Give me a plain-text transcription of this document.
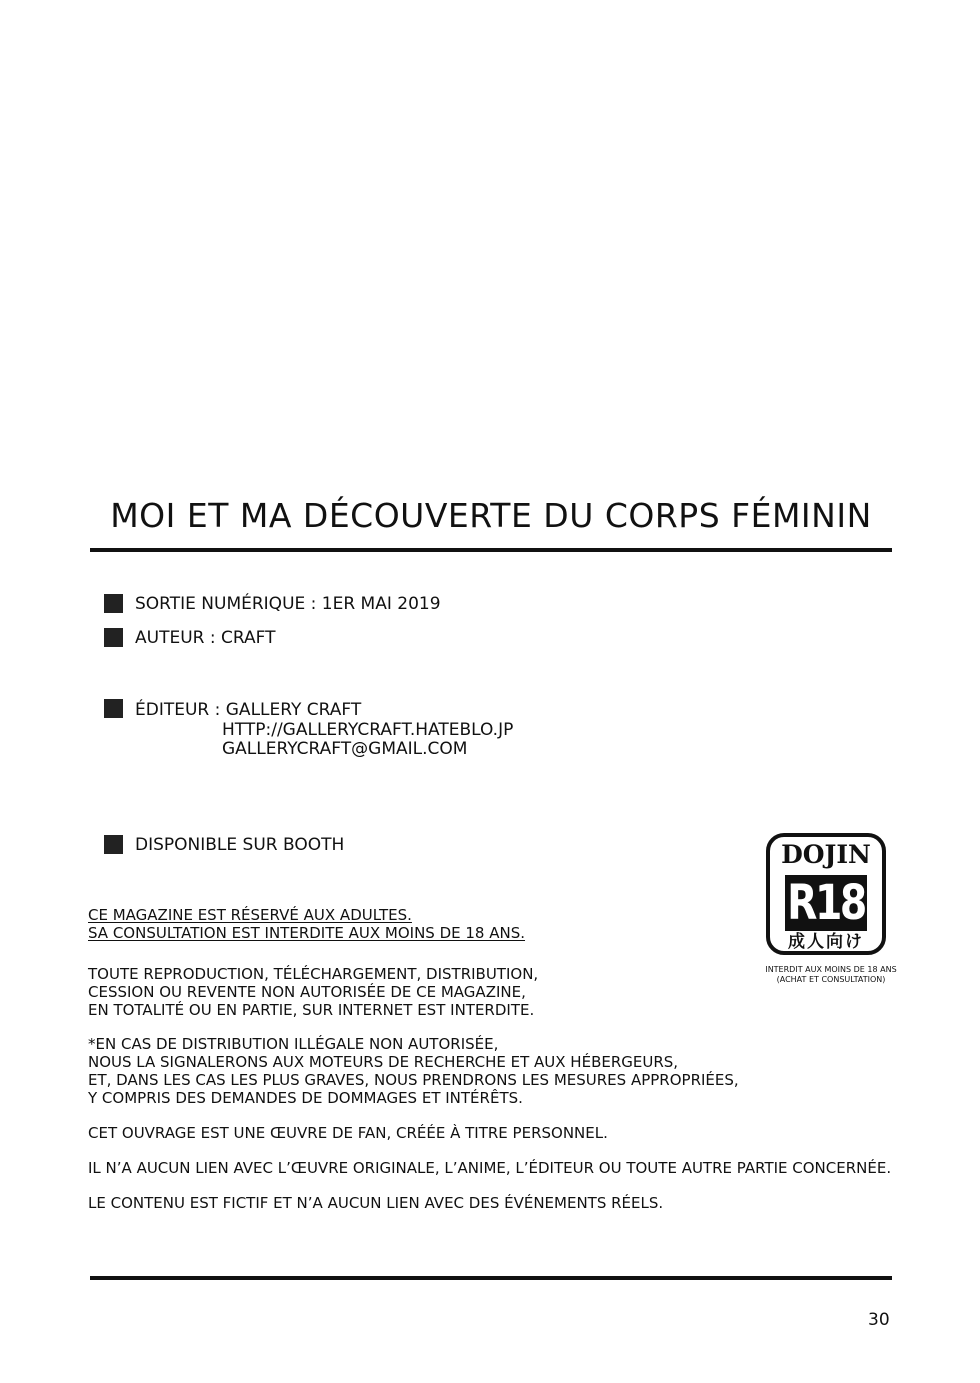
MOI ET MA DÉCOUVERTE DU CORPS FÉMININ
SORTIE NUMÉRIQUE : 1ER MAI 2019
AUTEUR : CRAFT
ÉDITEUR : GALLERY CRAFT
HTTP://GALLERYCRAFT.HATEBLO.JP
GALLERYCRAFT@GMAIL.COM
DISPONIBLE SUR BOOTH	DOJIN
R18
成人向け
INTERDIT AUX MOINS DE 18 ANS
(ACHAT ET CONSULTATION)
CE MAGAZINE EST RÉSERVÉ AUX ADULTES.
SA CONSULTATION EST INTERDITE AUX MOINS DE 18 ANS.
TOUTE REPRODUCTION, TÉLÉCHARGEMENT, DISTRIBUTION,
CESSION OU REVENTE NON AUTORISÉE DE CE MAGAZINE,
EN TOTALITÉ OU EN PARTIE, SUR INTERNET EST INTERDITE.
*EN CAS DE DISTRIBUTION ILLÉGALE NON AUTORISÉE,
NOUS LA SIGNALERONS AUX MOTEURS DE RECHERCHE ET AUX HÉBERGEURS,
ET, DANS LES CAS LES PLUS GRAVES, NOUS PRENDRONS LES MESURES APPROPRIÉES,
Y COMPRIS DES DEMANDES DE DOMMAGES ET INTÉRÊTS.
CET OUVRAGE EST UNE ŒUVRE DE FAN, CRÉÉE À TITRE PERSONNEL.
IL N’A AUCUN LIEN AVEC L’ŒUVRE ORIGINALE, L’ANIME, L’ÉDITEUR OU TOUTE AUTRE PARTIE CONCERNÉE.
LE CONTENU EST FICTIF ET N’A AUCUN LIEN AVEC DES ÉVÉNEMENTS RÉELS.
30
